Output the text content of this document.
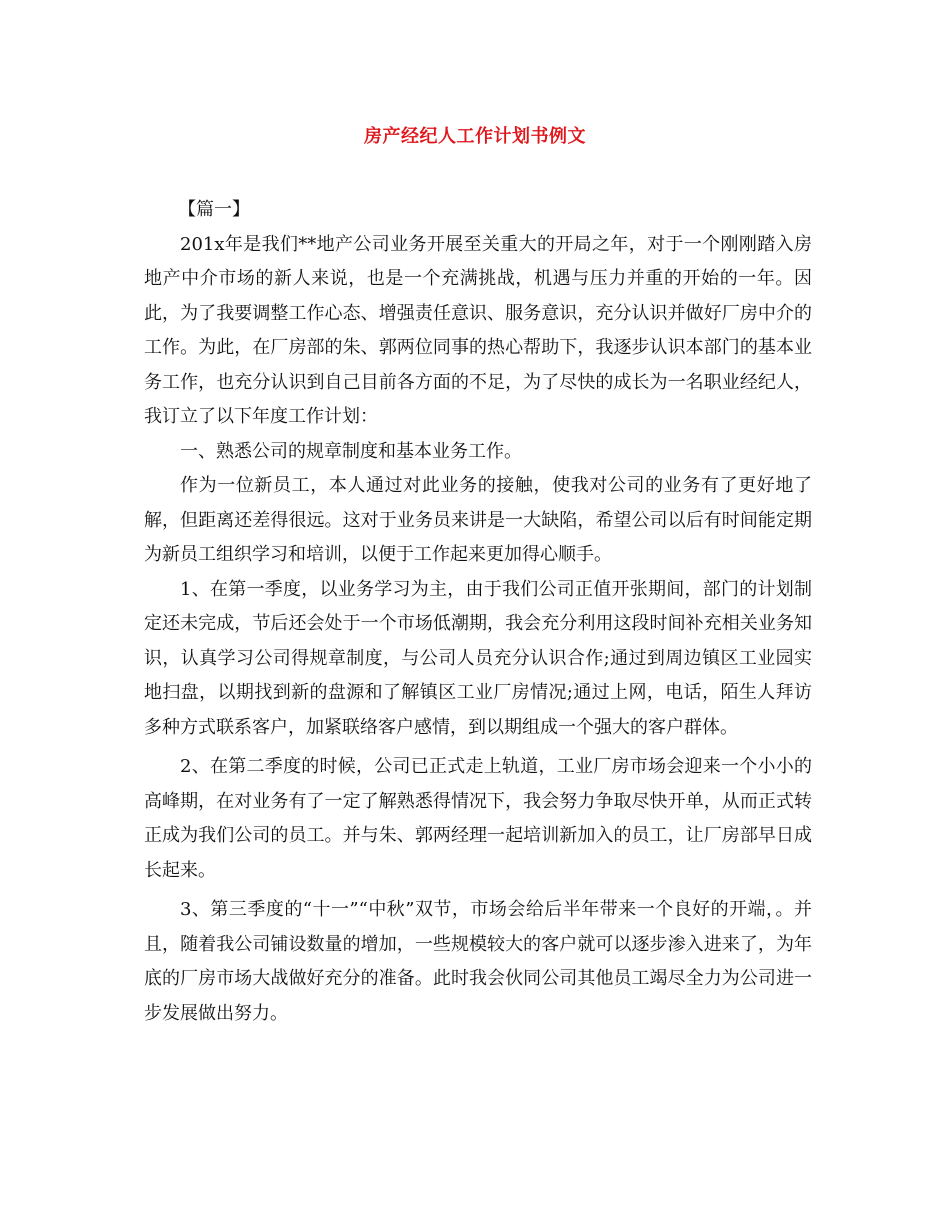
房产经纪人工作计划书例文

【篇一】

201x年是我们**地产公司业务开展至关重大的开局之年，对于一个刚刚踏入房地产中介市场的新人来说，也是一个充满挑战，机遇与压力并重的开始的一年。因此，为了我要调整工作心态、增强责任意识、服务意识，充分认识并做好厂房中介的工作。为此，在厂房部的朱、郭两位同事的热心帮助下，我逐步认识本部门的基本业务工作，也充分认识到自己目前各方面的不足，为了尽快的成长为一名职业经纪人，我订立了以下年度工作计划：

一、熟悉公司的规章制度和基本业务工作。

作为一位新员工，本人通过对此业务的接触，使我对公司的业务有了更好地了解，但距离还差得很远。这对于业务员来讲是一大缺陷，希望公司以后有时间能定期为新员工组织学习和培训，以便于工作起来更加得心顺手。

1、在第一季度，以业务学习为主，由于我们公司正值开张期间，部门的计划制定还未完成，节后还会处于一个市场低潮期，我会充分利用这段时间补充相关业务知识，认真学习公司得规章制度，与公司人员充分认识合作;通过到周边镇区工业园实地扫盘，以期找到新的盘源和了解镇区工业厂房情况;通过上网，电话，陌生人拜访多种方式联系客户，加紧联络客户感情，到以期组成一个强大的客户群体。

2、在第二季度的时候，公司已正式走上轨道，工业厂房市场会迎来一个小小的高峰期，在对业务有了一定了解熟悉得情况下，我会努力争取尽快开单，从而正式转正成为我们公司的员工。并与朱、郭两经理一起培训新加入的员工，让厂房部早日成长起来。

3、第三季度的“十一”“中秋”双节，市场会给后半年带来一个良好的开端，。并且，随着我公司铺设数量的增加，一些规模较大的客户就可以逐步渗入进来了，为年底的厂房市场大战做好充分的准备。此时我会伙同公司其他员工竭尽全力为公司进一步发展做出努力。
